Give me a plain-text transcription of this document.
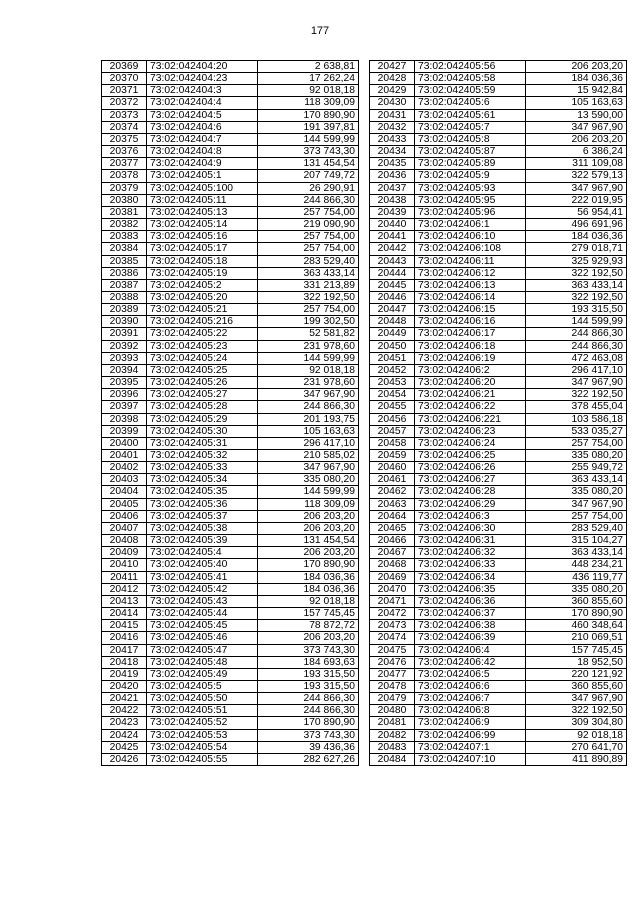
177
20369	73:02:042404:20	2 638,81
20370	73:02:042404:23	17 262,24
20371	73:02:042404:3	92 018,18
20372	73:02:042404:4	118 309,09
20373	73:02:042404:5	170 890,90
20374	73:02:042404:6	191 397,81
20375	73:02:042404:7	144 599,99
20376	73:02:042404:8	373 743,30
20377	73:02:042404:9	131 454,54
20378	73:02:042405:1	207 749,72
20379	73:02:042405:100	26 290,91
20380	73:02:042405:11	244 866,30
20381	73:02:042405:13	257 754,00
20382	73:02:042405:14	219 090,90
20383	73:02:042405:16	257 754,00
20384	73:02:042405:17	257 754,00
20385	73:02:042405:18	283 529,40
20386	73:02:042405:19	363 433,14
20387	73:02:042405:2	331 213,89
20388	73:02:042405:20	322 192,50
20389	73:02:042405:21	257 754,00
20390	73:02:042405:216	199 302,50
20391	73:02:042405:22	52 581,82
20392	73:02:042405:23	231 978,60
20393	73:02:042405:24	144 599,99
20394	73:02:042405:25	92 018,18
20395	73:02:042405:26	231 978,60
20396	73:02:042405:27	347 967,90
20397	73:02:042405:28	244 866,30
20398	73:02:042405:29	201 193,75
20399	73:02:042405:30	105 163,63
20400	73:02:042405:31	296 417,10
20401	73:02:042405:32	210 585,02
20402	73:02:042405:33	347 967,90
20403	73:02:042405:34	335 080,20
20404	73:02:042405:35	144 599,99
20405	73:02:042405:36	118 309,09
20406	73:02:042405:37	206 203,20
20407	73:02:042405:38	206 203,20
20408	73:02:042405:39	131 454,54
20409	73:02:042405:4	206 203,20
20410	73:02:042405:40	170 890,90
20411	73:02:042405:41	184 036,36
20412	73:02:042405:42	184 036,36
20413	73:02:042405:43	92 018,18
20414	73:02:042405:44	157 745,45
20415	73:02:042405:45	78 872,72
20416	73:02:042405:46	206 203,20
20417	73:02:042405:47	373 743,30
20418	73:02:042405:48	184 693,63
20419	73:02:042405:49	193 315,50
20420	73:02:042405:5	193 315,50
20421	73:02:042405:50	244 866,30
20422	73:02:042405:51	244 866,30
20423	73:02:042405:52	170 890,90
20424	73:02:042405:53	373 743,30
20425	73:02:042405:54	39 436,36
20426	73:02:042405:55	282 627,26
20427	73:02:042405:56	206 203,20
20428	73:02:042405:58	184 036,36
20429	73:02:042405:59	15 942,84
20430	73:02:042405:6	105 163,63
20431	73:02:042405:61	13 590,00
20432	73:02:042405:7	347 967,90
20433	73:02:042405:8	206 203,20
20434	73:02:042405:87	6 386,24
20435	73:02:042405:89	311 109,08
20436	73:02:042405:9	322 579,13
20437	73:02:042405:93	347 967,90
20438	73:02:042405:95	222 019,95
20439	73:02:042405:96	56 954,41
20440	73:02:042406:1	496 691,96
20441	73:02:042406:10	184 036,36
20442	73:02:042406:108	279 018,71
20443	73:02:042406:11	325 929,93
20444	73:02:042406:12	322 192,50
20445	73:02:042406:13	363 433,14
20446	73:02:042406:14	322 192,50
20447	73:02:042406:15	193 315,50
20448	73:02:042406:16	144 599,99
20449	73:02:042406:17	244 866,30
20450	73:02:042406:18	244 866,30
20451	73:02:042406:19	472 463,08
20452	73:02:042406:2	296 417,10
20453	73:02:042406:20	347 967,90
20454	73:02:042406:21	322 192,50
20455	73:02:042406:22	378 455,04
20456	73:02:042406:221	103 586,18
20457	73:02:042406:23	533 035,27
20458	73:02:042406:24	257 754,00
20459	73:02:042406:25	335 080,20
20460	73:02:042406:26	255 949,72
20461	73:02:042406:27	363 433,14
20462	73:02:042406:28	335 080,20
20463	73:02:042406:29	347 967,90
20464	73:02:042406:3	257 754,00
20465	73:02:042406:30	283 529,40
20466	73:02:042406:31	315 104,27
20467	73:02:042406:32	363 433,14
20468	73:02:042406:33	448 234,21
20469	73:02:042406:34	436 119,77
20470	73:02:042406:35	335 080,20
20471	73:02:042406:36	360 855,60
20472	73:02:042406:37	170 890,90
20473	73:02:042406:38	460 348,64
20474	73:02:042406:39	210 069,51
20475	73:02:042406:4	157 745,45
20476	73:02:042406:42	18 952,50
20477	73:02:042406:5	220 121,92
20478	73:02:042406:6	360 855,60
20479	73:02:042406:7	347 967,90
20480	73:02:042406:8	322 192,50
20481	73:02:042406:9	309 304,80
20482	73:02:042406:99	92 018,18
20483	73:02:042407:1	270 641,70
20484	73:02:042407:10	411 890,89
